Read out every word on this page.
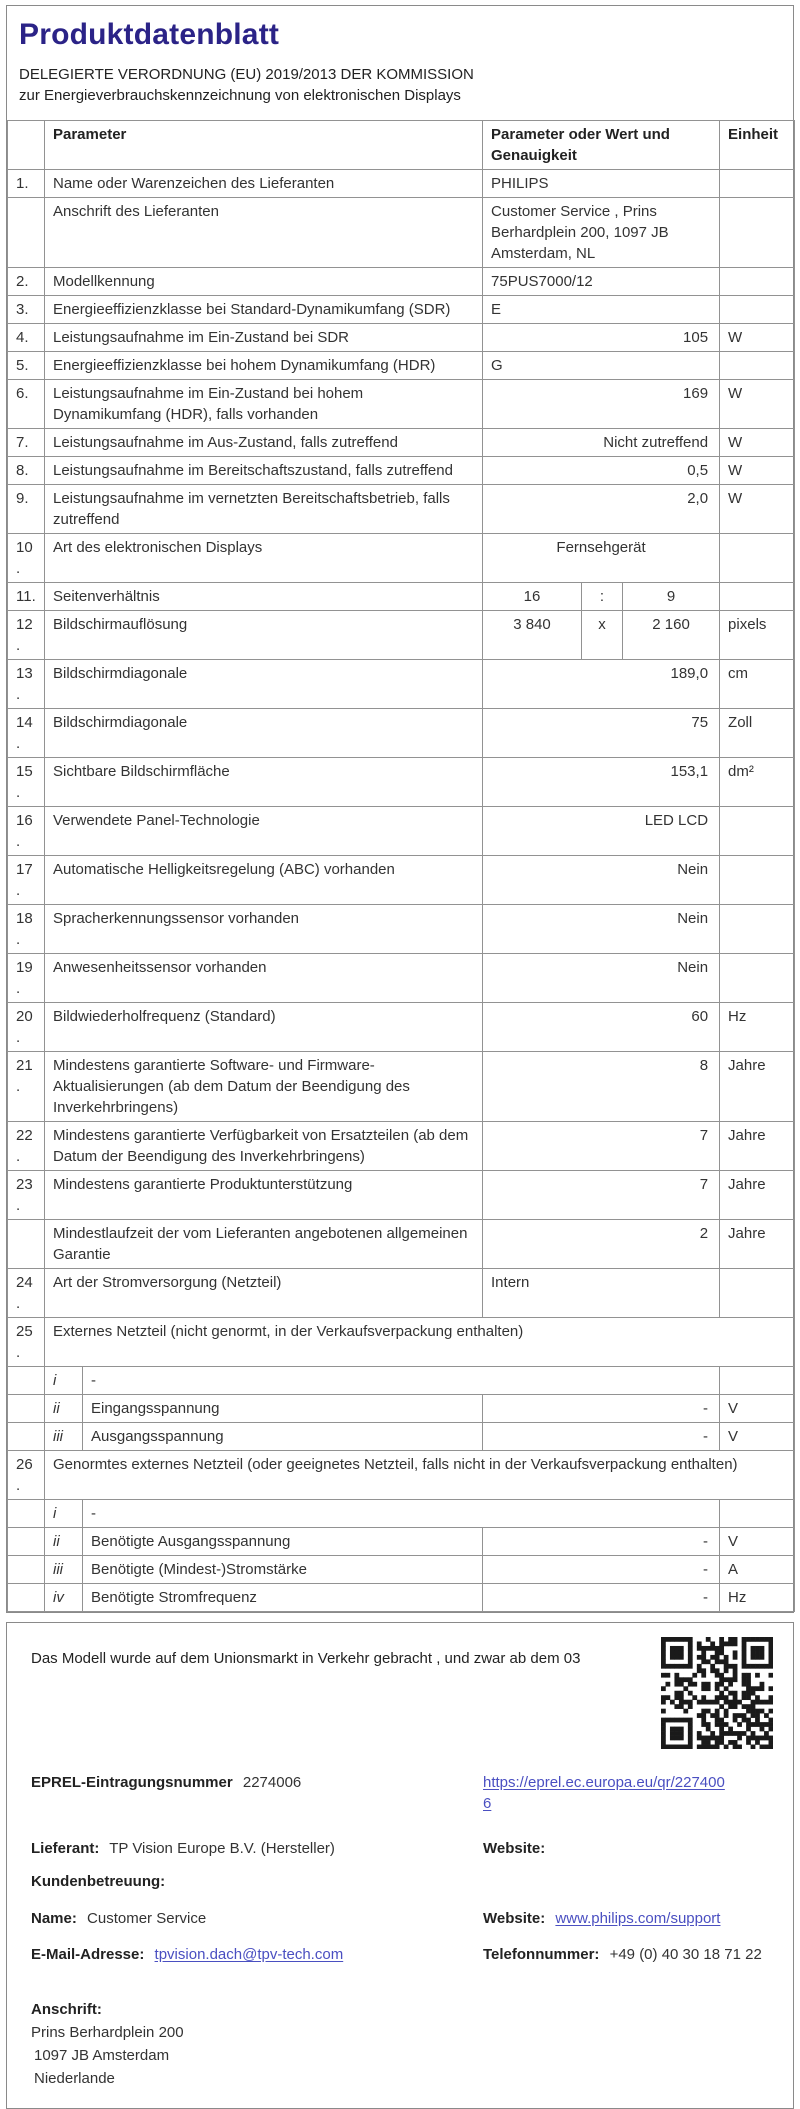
Produktdatenblatt

DELEGIERTE VERORDNUNG (EU) 2019/2013 DER KOMMISSION zur Energieverbrauchskennzeichnung von elektronischen Displays

	Parameter		Parameter oder Wert und Genauigkeit			Einheit
1.	Name oder Warenzeichen des Lieferanten		PHILIPS			
	Anschrift des Lieferanten		Customer Service , Prins Berhardplein 200, 1097 JB Amsterdam, NL			
2.	Modellkennung		75PUS7000/12			
3.	Energieeffizienzklasse bei Standard-Dynamikumfang (SDR)		E			
4.	Leistungsaufnahme im Ein-Zustand bei SDR		105			W
5.	Energieeffizienzklasse bei hohem Dynamikumfang (HDR)		G			
6.	Leistungsaufnahme im Ein-Zustand bei hohem Dynamikumfang (HDR), falls vorhanden		169			W
7.	Leistungsaufnahme im Aus-Zustand, falls zutreffend		Nicht zutreffend			W
8.	Leistungsaufnahme im Bereitschaftszustand, falls zutreffend		0,5			W
9.	Leistungsaufnahme im vernetzten Bereitschaftsbetrieb, falls zutreffend		2,0			W
10.	Art des elektronischen Displays		Fernsehgerät			
11.	Seitenverhältnis		16	:	9	
12.	Bildschirmauflösung		3 840	x	2 160	pixels
13.	Bildschirmdiagonale		189,0			cm
14.	Bildschirmdiagonale		75			Zoll
15.	Sichtbare Bildschirmfläche		153,1			dm²
16.	Verwendete Panel-Technologie		LED LCD			
17.	Automatische Helligkeitsregelung (ABC) vorhanden		Nein			
18.	Spracherkennungssensor vorhanden		Nein			
19.	Anwesenheitssensor vorhanden		Nein			
20.	Bildwiederholfrequenz (Standard)		60			Hz
21.	Mindestens garantierte Software- und Firmware-Aktualisierungen (ab dem Datum der Beendigung des Inverkehrbringens)		8			Jahre
22.	Mindestens garantierte Verfügbarkeit von Ersatzteilen (ab dem Datum der Beendigung des Inverkehrbringens)		7			Jahre
23.	Mindestens garantierte Produktunterstützung		7			Jahre
	Mindestlaufzeit der vom Lieferanten angebotenen allgemeinen Garantie		2			Jahre
24.	Art der Stromversorgung (Netzteil)		Intern			
25.	Externes Netzteil (nicht genormt, in der Verkaufsverpackung enthalten)					
	i	-				
	ii	Eingangsspannung	-			V
	iii	Ausgangsspannung	-			V
26.	Genormtes externes Netzteil (oder geeignetes Netzteil, falls nicht in der Verkaufsverpackung enthalten)					
	i	-				
	ii	Benötigte Ausgangsspannung	-			V
	iii	Benötigte (Mindest-)Stromstärke	-			A
	iv	Benötigte Stromfrequenz	-			Hz

Das Modell wurde auf dem Unionsmarkt in Verkehr gebracht , und zwar ab dem 03

EPREL-Eintragungsnummer 2274006	https://eprel.ec.europa.eu/qr/2274006
Lieferant: TP Vision Europe B.V. (Hersteller)	Website:
Kundenbetreuung:
Name: Customer Service	Website: www.philips.com/support
E-Mail-Adresse: tpvision.dach@tpv-tech.com	Telefonnummer: +49 (0) 40 30 18 71 22
Anschrift:
Prins Berhardplein 200
1097 JB Amsterdam
Niederlande
